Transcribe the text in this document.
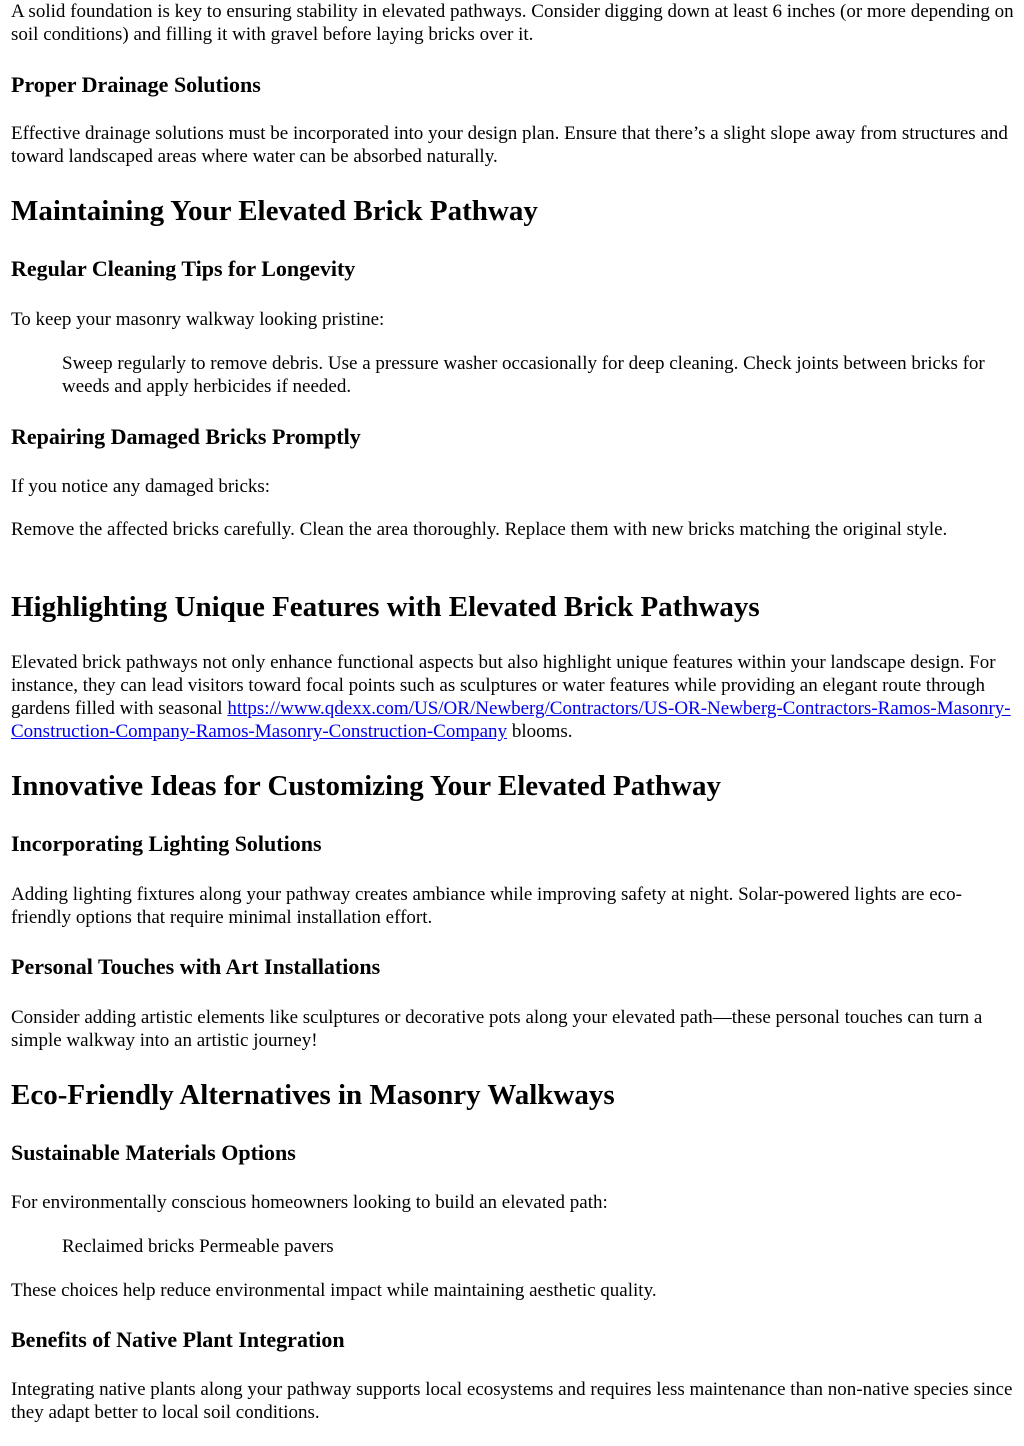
A solid foundation is key to ensuring stability in elevated pathways. Consider digging down at least 6 inches (or more depending on soil conditions) and filling it with gravel before laying bricks over it.

Proper Drainage Solutions

Effective drainage solutions must be incorporated into your design plan. Ensure that there’s a slight slope away from structures and toward landscaped areas where water can be absorbed naturally.

Maintaining Your Elevated Brick Pathway
Regular Cleaning Tips for Longevity

To keep your masonry walkway looking pristine:

Sweep regularly to remove debris. Use a pressure washer occasionally for deep cleaning. Check joints between bricks for weeds and apply herbicides if needed.

Repairing Damaged Bricks Promptly

If you notice any damaged bricks:

Remove the affected bricks carefully. Clean the area thoroughly. Replace them with new bricks matching the original style.

Highlighting Unique Features with Elevated Brick Pathways

Elevated brick pathways not only enhance functional aspects but also highlight unique features within your landscape design. For instance, they can lead visitors toward focal points such as sculptures or water features while providing an elegant route through gardens filled with seasonal https://www.qdexx.com/US/OR/Newberg/Contractors/US-OR-Newberg-Contractors-Ramos-Masonry-Construction-Company-Ramos-Masonry-Construction-Company blooms.

Innovative Ideas for Customizing Your Elevated Pathway
Incorporating Lighting Solutions

Adding lighting fixtures along your pathway creates ambiance while improving safety at night. Solar-powered lights are eco-friendly options that require minimal installation effort.

Personal Touches with Art Installations

Consider adding artistic elements like sculptures or decorative pots along your elevated path—these personal touches can turn a simple walkway into an artistic journey!

Eco-Friendly Alternatives in Masonry Walkways
Sustainable Materials Options

For environmentally conscious homeowners looking to build an elevated path:

Reclaimed bricks Permeable pavers

These choices help reduce environmental impact while maintaining aesthetic quality.

Benefits of Native Plant Integration

Integrating native plants along your pathway supports local ecosystems and requires less maintenance than non-native species since they adapt better to local soil conditions.
